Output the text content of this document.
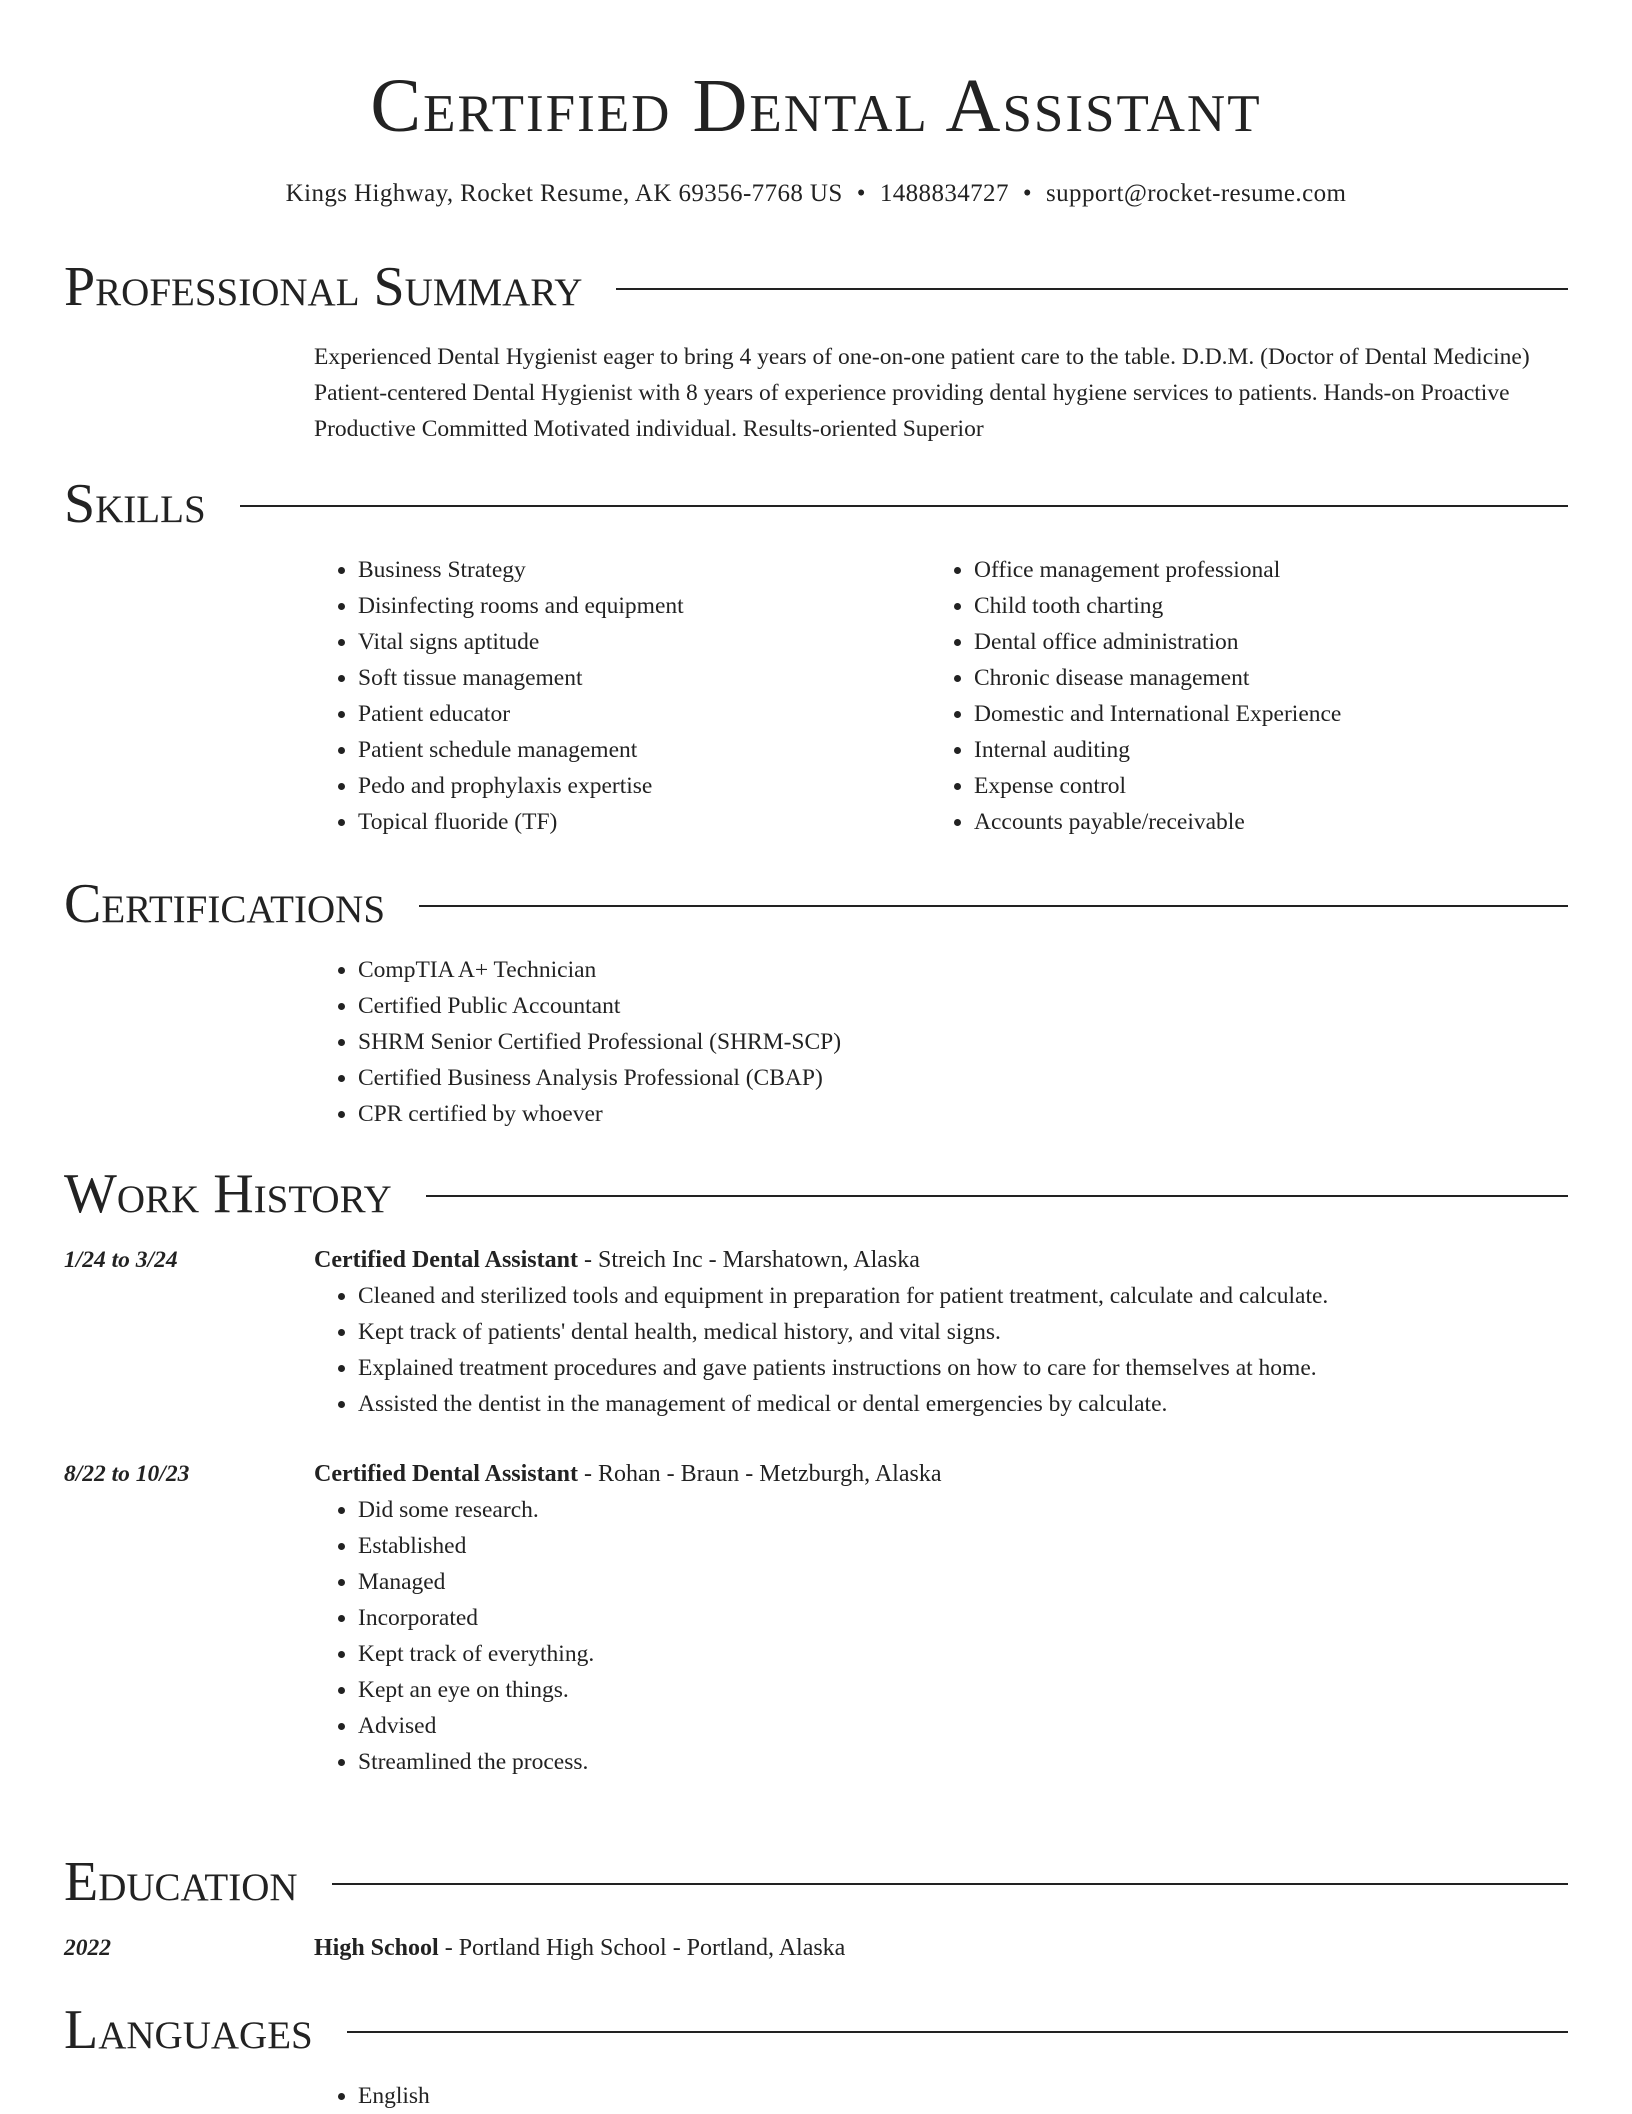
Certified Dental Assistant
Kings Highway, Rocket Resume, AK 69356-7768 US • 1488834727 • support@rocket-resume.com
Professional Summary
Experienced Dental Hygienist eager to bring 4 years of one-on-one patient care to the table. D.D.M. (Doctor of Dental Medicine) Patient-centered Dental Hygienist with 8 years of experience providing dental hygiene services to patients. Hands-on Proactive Productive Committed Motivated individual. Results-oriented Superior
Skills
• Business Strategy
• Disinfecting rooms and equipment
• Vital signs aptitude
• Soft tissue management
• Patient educator
• Patient schedule management
• Pedo and prophylaxis expertise
• Topical fluoride (TF)
• Office management professional
• Child tooth charting
• Dental office administration
• Chronic disease management
• Domestic and International Experience
• Internal auditing
• Expense control
• Accounts payable/receivable
Certifications
• CompTIA A+ Technician
• Certified Public Accountant
• SHRM Senior Certified Professional (SHRM-SCP)
• Certified Business Analysis Professional (CBAP)
• CPR certified by whoever
Work History
1/24 to 3/24	Certified Dental Assistant - Streich Inc - Marshatown, Alaska
• Cleaned and sterilized tools and equipment in preparation for patient treatment, calculate and calculate.
• Kept track of patients' dental health, medical history, and vital signs.
• Explained treatment procedures and gave patients instructions on how to care for themselves at home.
• Assisted the dentist in the management of medical or dental emergencies by calculate.
8/22 to 10/23	Certified Dental Assistant - Rohan - Braun - Metzburgh, Alaska
• Did some research.
• Established
• Managed
• Incorporated
• Kept track of everything.
• Kept an eye on things.
• Advised
• Streamlined the process.
Education
2022	High School - Portland High School - Portland, Alaska
Languages
• English
